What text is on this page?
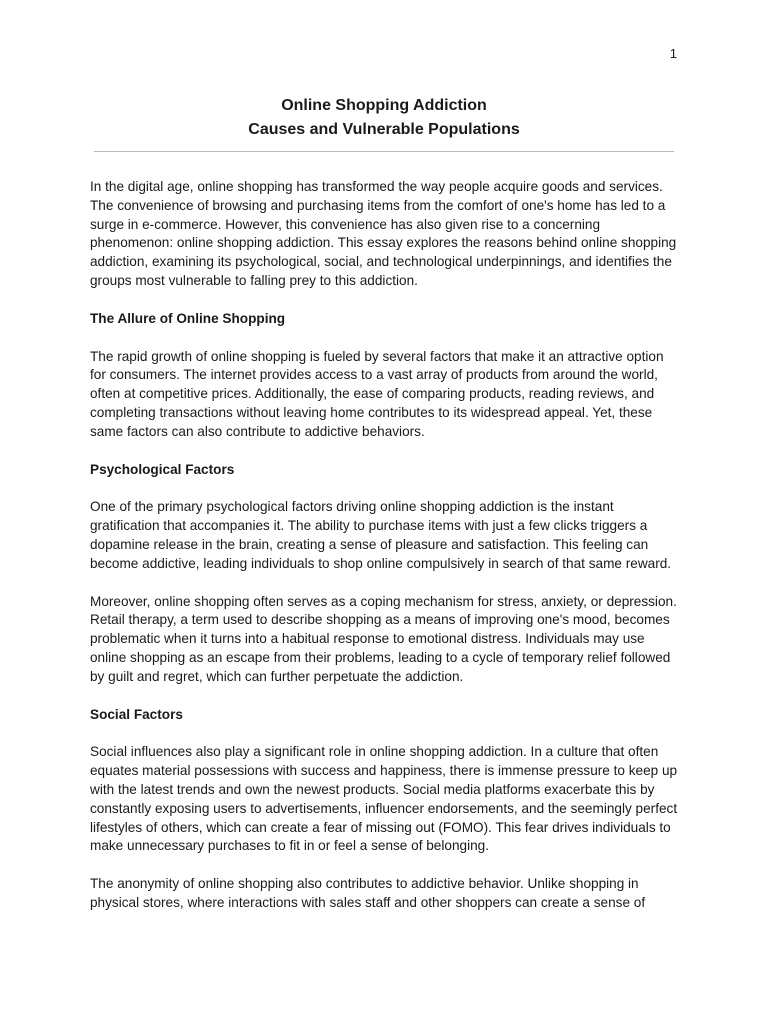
1
Online Shopping Addiction
Causes and Vulnerable Populations

In the digital age, online shopping has transformed the way people acquire goods and services. The convenience of browsing and purchasing items from the comfort of one's home has led to a surge in e-commerce. However, this convenience has also given rise to a concerning phenomenon: online shopping addiction. This essay explores the reasons behind online shopping addiction, examining its psychological, social, and technological underpinnings, and identifies the groups most vulnerable to falling prey to this addiction.

The Allure of Online Shopping

The rapid growth of online shopping is fueled by several factors that make it an attractive option for consumers. The internet provides access to a vast array of products from around the world, often at competitive prices. Additionally, the ease of comparing products, reading reviews, and completing transactions without leaving home contributes to its widespread appeal. Yet, these same factors can also contribute to addictive behaviors.

Psychological Factors

One of the primary psychological factors driving online shopping addiction is the instant gratification that accompanies it. The ability to purchase items with just a few clicks triggers a dopamine release in the brain, creating a sense of pleasure and satisfaction. This feeling can become addictive, leading individuals to shop online compulsively in search of that same reward.

Moreover, online shopping often serves as a coping mechanism for stress, anxiety, or depression. Retail therapy, a term used to describe shopping as a means of improving one's mood, becomes problematic when it turns into a habitual response to emotional distress. Individuals may use online shopping as an escape from their problems, leading to a cycle of temporary relief followed by guilt and regret, which can further perpetuate the addiction.

Social Factors

Social influences also play a significant role in online shopping addiction. In a culture that often equates material possessions with success and happiness, there is immense pressure to keep up with the latest trends and own the newest products. Social media platforms exacerbate this by constantly exposing users to advertisements, influencer endorsements, and the seemingly perfect lifestyles of others, which can create a fear of missing out (FOMO). This fear drives individuals to make unnecessary purchases to fit in or feel a sense of belonging.

The anonymity of online shopping also contributes to addictive behavior. Unlike shopping in physical stores, where interactions with sales staff and other shoppers can create a sense of
